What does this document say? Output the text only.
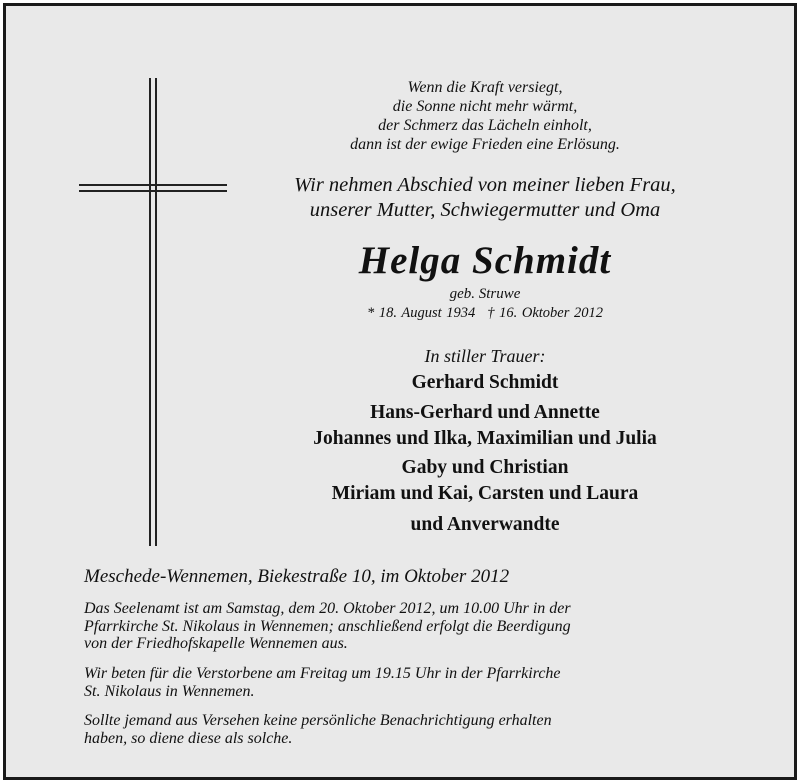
Wenn die Kraft versiegt,
die Sonne nicht mehr wärmt,
der Schmerz das Lächeln einholt,
dann ist der ewige Frieden eine Erlösung.
Wir nehmen Abschied von meiner lieben Frau,
unserer Mutter, Schwiegermutter und Oma
Helga Schmidt
geb. Struwe
* 18. August 1934 † 16. Oktober 2012
In stiller Trauer:
Gerhard Schmidt
Hans-Gerhard und Annette
Johannes und Ilka, Maximilian und Julia
Gaby und Christian
Miriam und Kai, Carsten und Laura
und Anverwandte
Meschede-Wennemen, Biekestraße 10, im Oktober 2012
Das Seelenamt ist am Samstag, dem 20. Oktober 2012, um 10.00 Uhr in der
Pfarrkirche St. Nikolaus in Wennemen; anschließend erfolgt die Beerdigung
von der Friedhofskapelle Wennemen aus.
Wir beten für die Verstorbene am Freitag um 19.15 Uhr in der Pfarrkirche
St. Nikolaus in Wennemen.
Sollte jemand aus Versehen keine persönliche Benachrichtigung erhalten
haben, so diene diese als solche.
